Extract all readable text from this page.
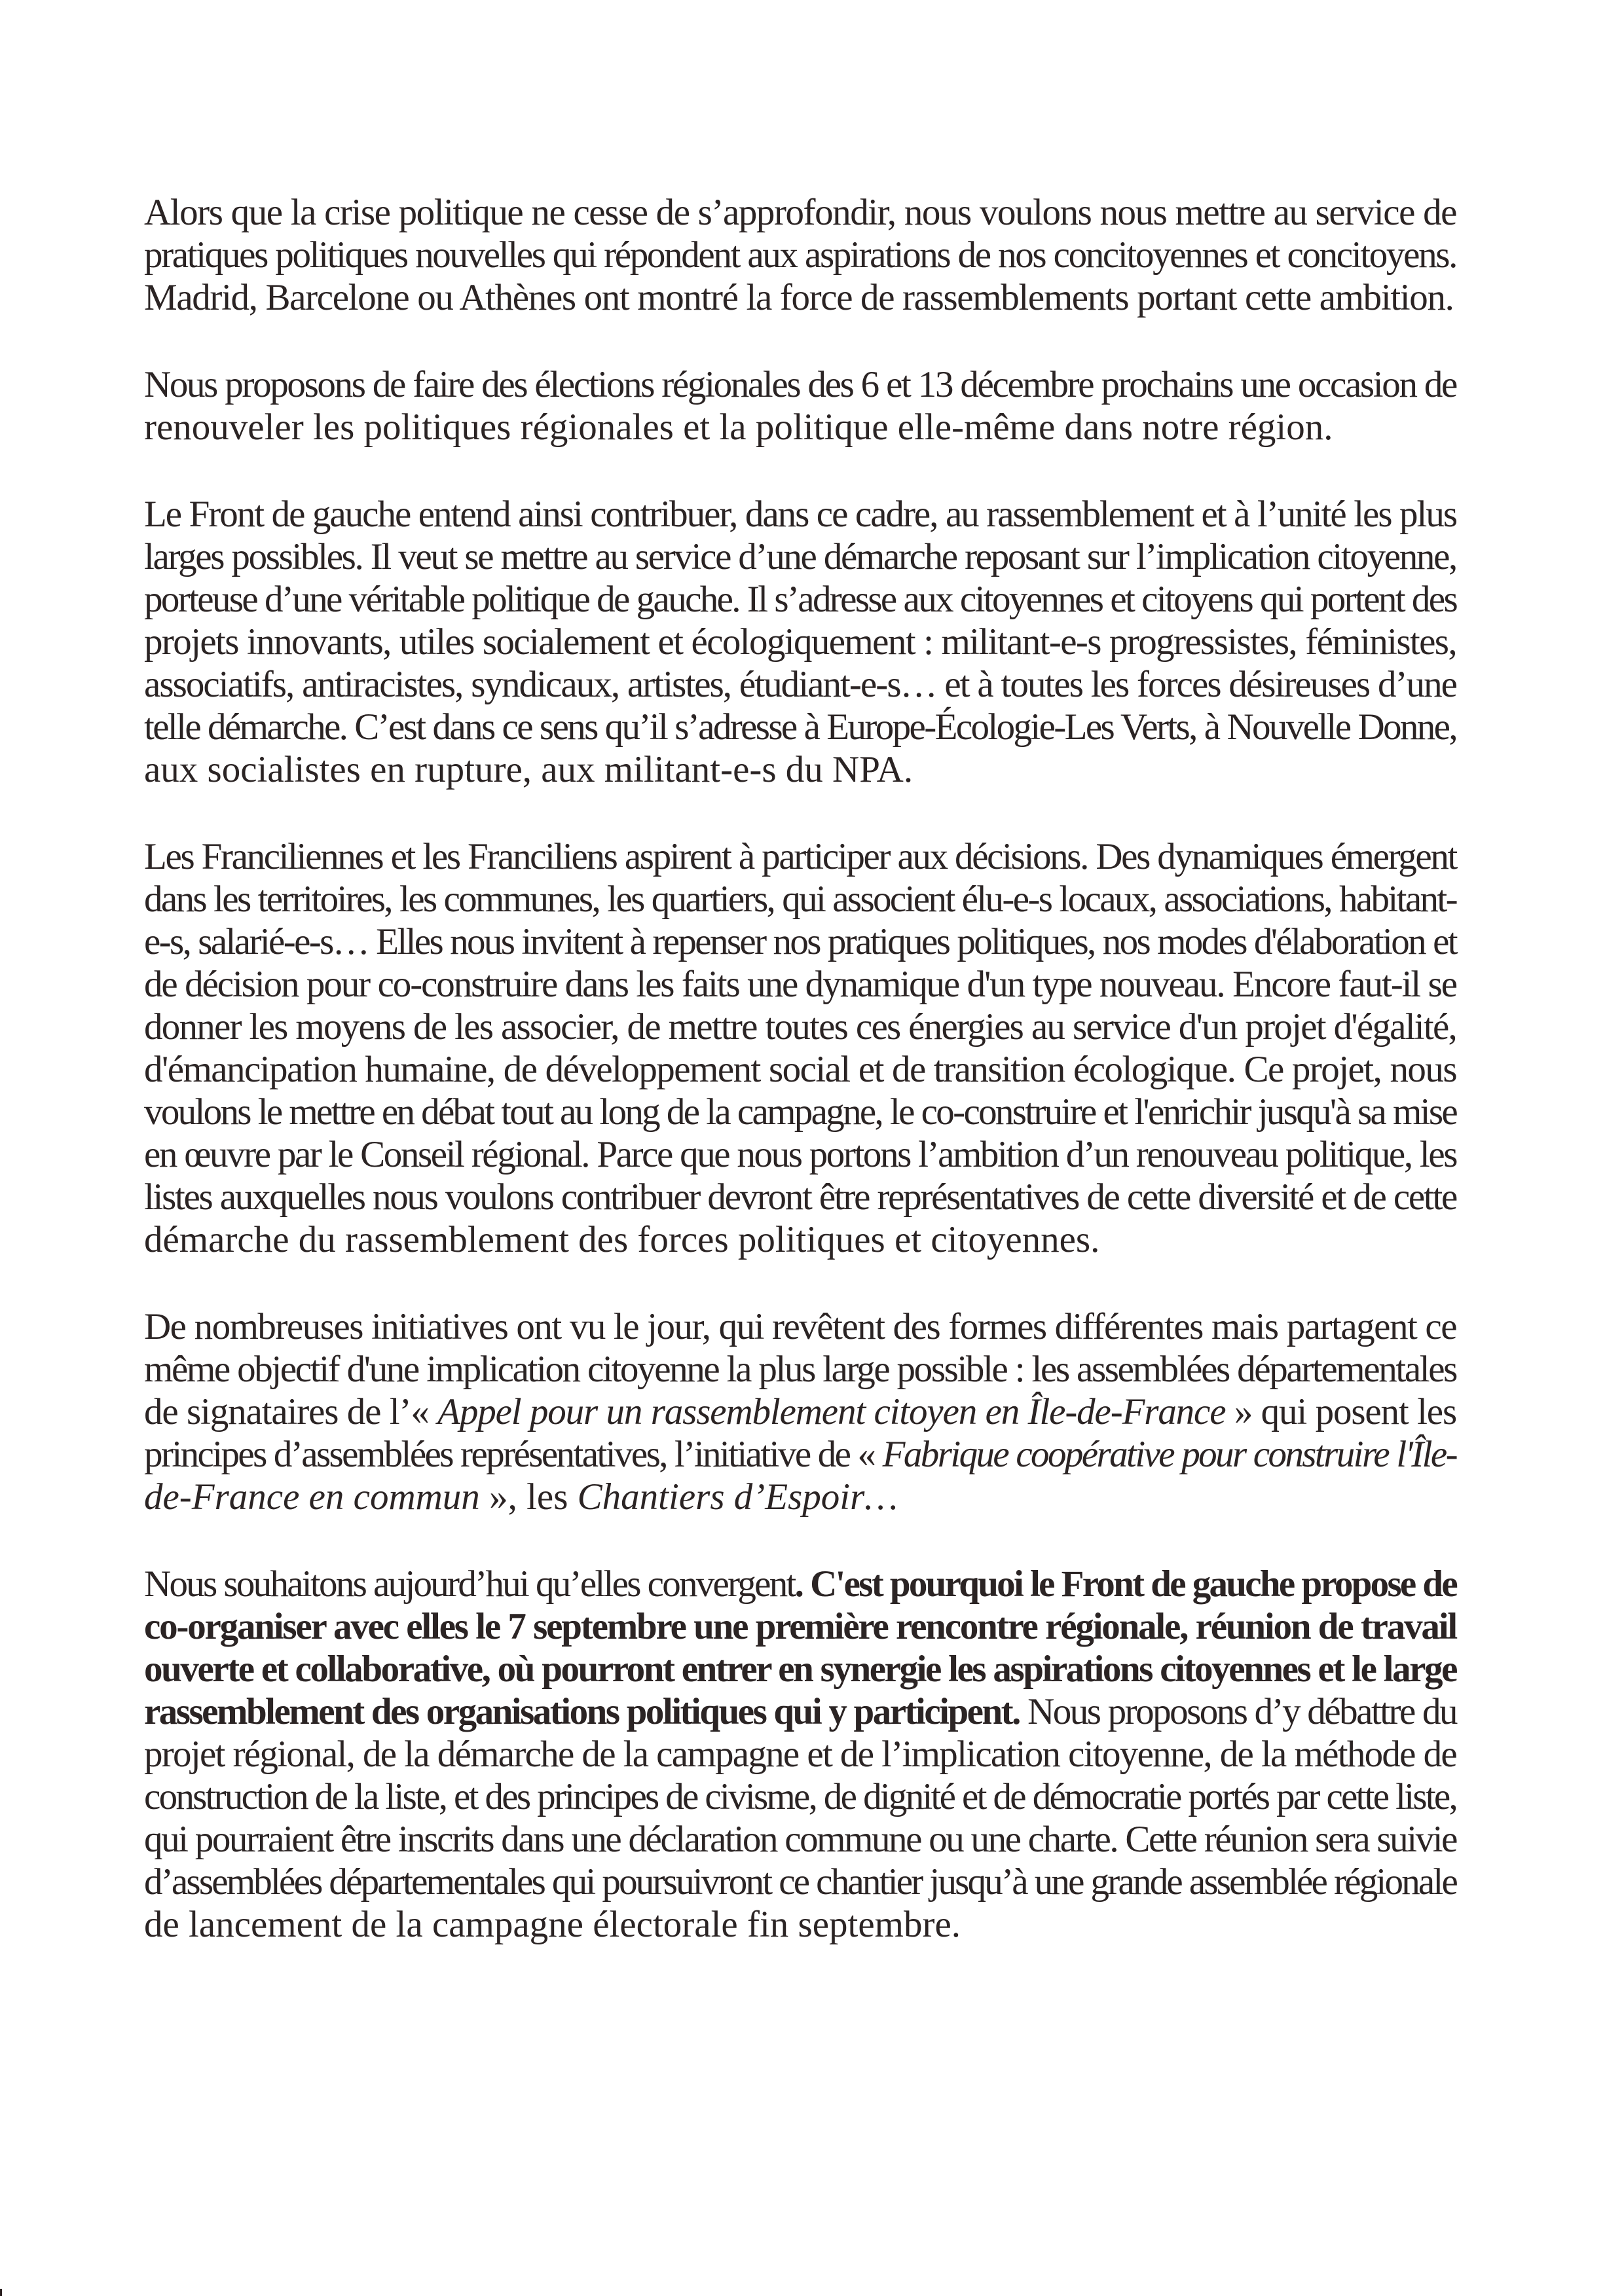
Alors que la crise politique ne cesse de s’approfondir, nous voulons nous mettre au service de
pratiques politiques nouvelles qui répondent aux aspirations de nos concitoyennes et concitoyens.
Madrid, Barcelone ou Athènes ont montré la force de rassemblements portant cette ambition.
Nous proposons de faire des élections régionales des 6 et 13 décembre prochains une occasion de
renouveler les politiques régionales et la politique elle-même dans notre région.
Le Front de gauche entend ainsi contribuer, dans ce cadre, au rassemblement et à l’unité les plus
larges possibles. Il veut se mettre au service d’une démarche reposant sur l’implication citoyenne,
porteuse d’une véritable politique de gauche. Il s’adresse aux citoyennes et citoyens qui portent des
projets innovants, utiles socialement et écologiquement : militant-e-s progressistes, féministes,
associatifs, antiracistes, syndicaux, artistes, étudiant-e-s… et à toutes les forces désireuses d’une
telle démarche. C’est dans ce sens qu’il s’adresse à Europe-Écologie-Les Verts, à Nouvelle Donne,
aux socialistes en rupture, aux militant-e-s du NPA.
Les Franciliennes et les Franciliens aspirent à participer aux décisions. Des dynamiques émergent
dans les territoires, les communes, les quartiers, qui associent élu-e-s locaux, associations, habitant-
e-s, salarié-e-s… Elles nous invitent à repenser nos pratiques politiques, nos modes d'élaboration et
de décision pour co-construire dans les faits une dynamique d'un type nouveau. Encore faut-il se
donner les moyens de les associer, de mettre toutes ces énergies au service d'un projet d'égalité,
d'émancipation humaine, de développement social et de transition écologique. Ce projet, nous
voulons le mettre en débat tout au long de la campagne, le co-construire et l'enrichir jusqu'à sa mise
en œuvre par le Conseil régional. Parce que nous portons l’ambition d’un renouveau politique, les
listes auxquelles nous voulons contribuer devront être représentatives de cette diversité et de cette
démarche du rassemblement des forces politiques et citoyennes.
De nombreuses initiatives ont vu le jour, qui revêtent des formes différentes mais partagent ce
même objectif d'une implication citoyenne la plus large possible : les assemblées départementales
de signataires de l’« Appel pour un rassemblement citoyen en Île-de-France » qui posent les
principes d’assemblées représentatives, l’initiative de « Fabrique coopérative pour construire l'Île-
de-France en commun », les Chantiers d’Espoir…
Nous souhaitons aujourd’hui qu’elles convergent. C'est pourquoi le Front de gauche propose de
co-organiser avec elles le 7 septembre une première rencontre régionale, réunion de travail
ouverte et collaborative, où pourront entrer en synergie les aspirations citoyennes et le large
rassemblement des organisations politiques qui y participent. Nous proposons d’y débattre du
projet régional, de la démarche de la campagne et de l’implication citoyenne, de la méthode de
construction de la liste, et des principes de civisme, de dignité et de démocratie portés par cette liste,
qui pourraient être inscrits dans une déclaration commune ou une charte. Cette réunion sera suivie
d’assemblées départementales qui poursuivront ce chantier jusqu’à une grande assemblée régionale
de lancement de la campagne électorale fin septembre.
